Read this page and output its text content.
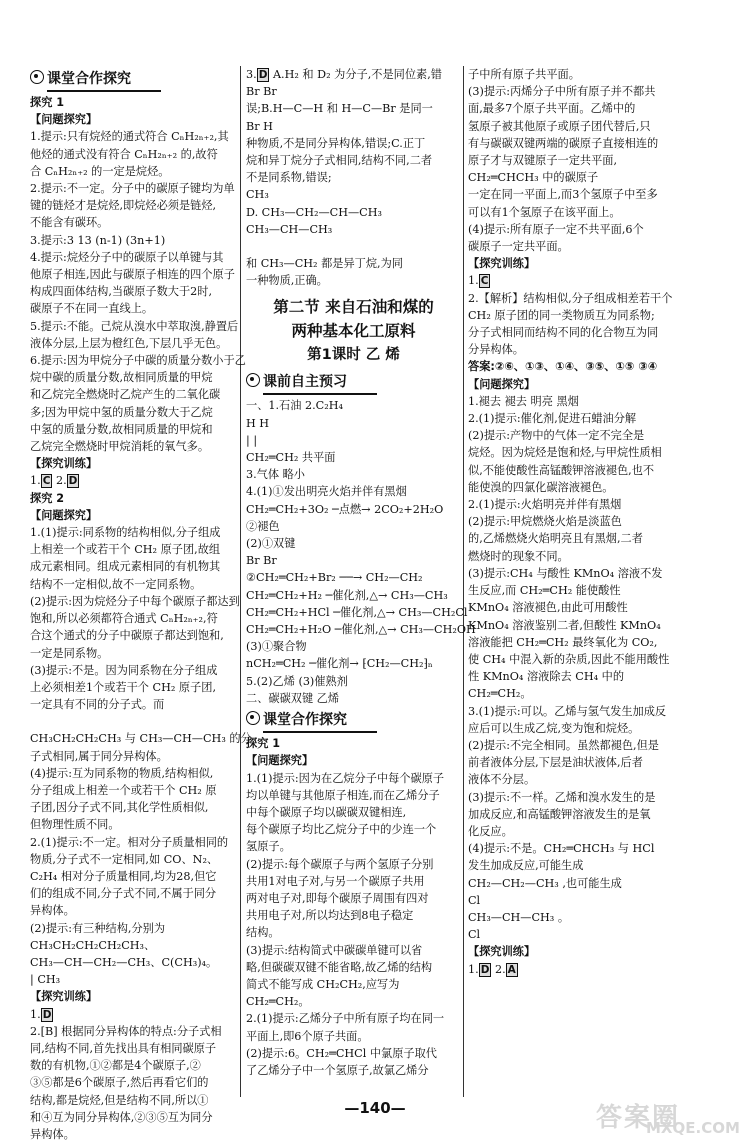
课堂合作探究
探究 1
【问题探究】
1.提示:只有烷烃的通式符合 CₙH₂ₙ₊₂,其
他烃的通式没有符合 CₙH₂ₙ₊₂ 的,故符
合 CₙH₂ₙ₊₂ 的一定是烷烃。
2.提示:不一定。分子中的碳原子键均为单
键的链烃才是烷烃,即烷烃必须是链烃,
不能含有碳环。
3.提示:3 13 (n-1) (3n+1)
4.提示:烷烃分子中的碳原子以单键与其
他原子相连,因此与碳原子相连的四个原子
构成四面体结构,当碳原子数大于2时,
碳原子不在同一直线上。
5.提示:不能。己烷从溴水中萃取溴,静置后
液体分层,上层为橙红色,下层几乎无色。
6.提示:因为甲烷分子中碳的质量分数小于乙
烷中碳的质量分数,故相同质量的甲烷
和乙烷完全燃烧时乙烷产生的二氧化碳
多;因为甲烷中氢的质量分数大于乙烷
中氢的质量分数,故相同质量的甲烷和
乙烷完全燃烧时甲烷消耗的氧气多。
【探究训练】
1. C 2. D
探究 2
【问题探究】
1.(1)提示:同系物的结构相似,分子组成
上相差一个或若干个 CH₂ 原子团,故组
成元素相同。组成元素相同的有机物其
结构不一定相似,故不一定同系物。
(2)提示:因为烷烃分子中每个碳原子都达到
饱和,所以必须都符合通式 CₙH₂ₙ₊₂,符
合这个通式的分子中碳原子都达到饱和,
一定是同系物。
(3)提示:不是。因为同系物在分子组成
上必须相差1个或若干个 CH₂ 原子团,
一定具有不同的分子式。而
CH₃CH₂CH₂CH₃ 与 CH₃—CH—CH₃ 的分
子式相同,属于同分异构体。
(4)提示:互为同系物的物质,结构相似,
分子组成上相差一个或若干个 CH₂ 原
子团,因分子式不同,其化学性质相似,
但物理性质不同。
2.(1)提示:不一定。相对分子质量相同的
物质,分子式不一定相同,如 CO、N₂、
C₂H₄ 相对分子质量相同,均为28,但它
们的组成不同,分子式不同,不属于同分
异构体。
(2)提示:有三种结构,分别为
CH₃CH₂CH₂CH₂CH₃、
CH₃—CH—CH₂—CH₃、C(CH₃)₄。
| CH₃
【探究训练】
1. D
2.[B] 根据同分异构体的特点:分子式相
同,结构不同,首先找出具有相同碳原子
数的有机物,①②都是4个碳原子,②
③⑤都是6个碳原子,然后再看它们的
结构,都是烷烃,但是结构不同,所以①
和④互为同分异构体,②③⑤互为同分
异构体。
3. D A.H₂ 和 D₂ 为分子,不是同位素,错
Br Br
误;B.H—C—H 和 H—C—Br 是同一
Br H
种物质,不是同分异构体,错误;C.正丁
烷和异丁烷分子式相同,结构不同,二者
不是同系物,错误;
CH₃
D. CH₃—CH₂—CH—CH₃
CH₃—CH—CH₃
和 CH₃—CH₂ 都是异丁烷,为同
一种物质,正确。
第二节 来自石油和煤的
两种基本化工原料
第1课时 乙 烯
课前自主预习
一、1.石油 2.C₂H₄
H H
| |
CH₂═CH₂ 共平面
3.气体 略小
4.(1)①发出明亮火焰并伴有黑烟
CH₂═CH₂+3O₂ ─点燃→ 2CO₂+2H₂O
②褪色
(2)①双键
Br Br
②CH₂═CH₂+Br₂ ──→ CH₂—CH₂
CH₂═CH₂+H₂ ─催化剂,△→ CH₃—CH₃
CH₂═CH₂+HCl ─催化剂,△→ CH₃—CH₂Cl
CH₂═CH₂+H₂O ─催化剂,△→ CH₃—CH₂OH
(3)①聚合物
nCH₂═CH₂ ─催化剂→ ⁅CH₂—CH₂⁆ₙ
5.(2)乙烯 (3)催熟剂
二、碳碳双键 乙烯
课堂合作探究
探究 1
【问题探究】
1.(1)提示:因为在乙烷分子中每个碳原子
均以单键与其他原子相连,而在乙烯分子
中每个碳原子均以碳碳双键相连,
每个碳原子均比乙烷分子中的少连一个
氢原子。
(2)提示:每个碳原子与两个氢原子分别
共用1对电子对,与另一个碳原子共用
两对电子对,即每个碳原子周围有四对
共用电子对,所以均达到8电子稳定
结构。
(3)提示:结构简式中碳碳单键可以省
略,但碳碳双键不能省略,故乙烯的结构
简式不能写成 CH₂CH₂,应写为
CH₂═CH₂。
2.(1)提示:乙烯分子中所有原子均在同一
平面上,即6个原子共面。
(2)提示:6。CH₂═CHCl 中氯原子取代
了乙烯分子中一个氢原子,故氯乙烯分
子中所有原子共平面。
(3)提示:丙烯分子中所有原子并不都共
面,最多7个原子共平面。乙烯中的
氢原子被其他原子或原子团代替后,只
有与碳碳双键两端的碳原子直接相连的
原子才与双键原子一定共平面,
CH₂═CHCH₃ 中的碳原子
一定在同一平面上,而3个氢原子中至多
可以有1个氢原子在该平面上。
(4)提示:所有原子一定不共平面,6个
碳原子一定共平面。
【探究训练】
1. C
2.【解析】结构相似,分子组成相差若干个
CH₂ 原子团的同一类物质互为同系物;
分子式相同而结构不同的化合物互为同
分异构体。
答案:②⑥、①③、①④、③⑤、①⑤ ③④
【问题探究】
1.褪去 褪去 明亮 黑烟
2.(1)提示:催化剂,促进石蜡油分解
(2)提示:产物中的气体一定不完全是
烷烃。因为烷烃是饱和烃,与甲烷性质相
似,不能使酸性高锰酸钾溶液褪色,也不
能使溴的四氯化碳溶液褪色。
2.(1)提示:火焰明亮并伴有黑烟
(2)提示:甲烷燃烧火焰是淡蓝色
的,乙烯燃烧火焰明亮且有黑烟,二者
燃烧时的现象不同。
(3)提示:CH₄ 与酸性 KMnO₄ 溶液不发
生反应,而 CH₂═CH₂ 能使酸性
KMnO₄ 溶液褪色,由此可用酸性
KMnO₄ 溶液鉴别二者,但酸性 KMnO₄
溶液能把 CH₂═CH₂ 最终氧化为 CO₂,
使 CH₄ 中混入新的杂质,因此不能用酸性
性 KMnO₄ 溶液除去 CH₄ 中的
CH₂═CH₂。
3.(1)提示:可以。乙烯与氢气发生加成反
应后可以生成乙烷,变为饱和烷烃。
(2)提示:不完全相同。虽然都褪色,但是
前者液体分层,下层是油状液体,后者
液体不分层。
(3)提示:不一样。乙烯和溴水发生的是
加成反应,和高锰酸钾溶液发生的是氧
化反应。
(4)提示:不是。CH₂═CHCH₃ 与 HCl
发生加成反应,可能生成
CH₂—CH₂—CH₃ ,也可能生成
Cl
CH₃—CH—CH₃ 。
Cl
【探究训练】
1. D 2. A
—140—	答案圈
MXQE.COM
